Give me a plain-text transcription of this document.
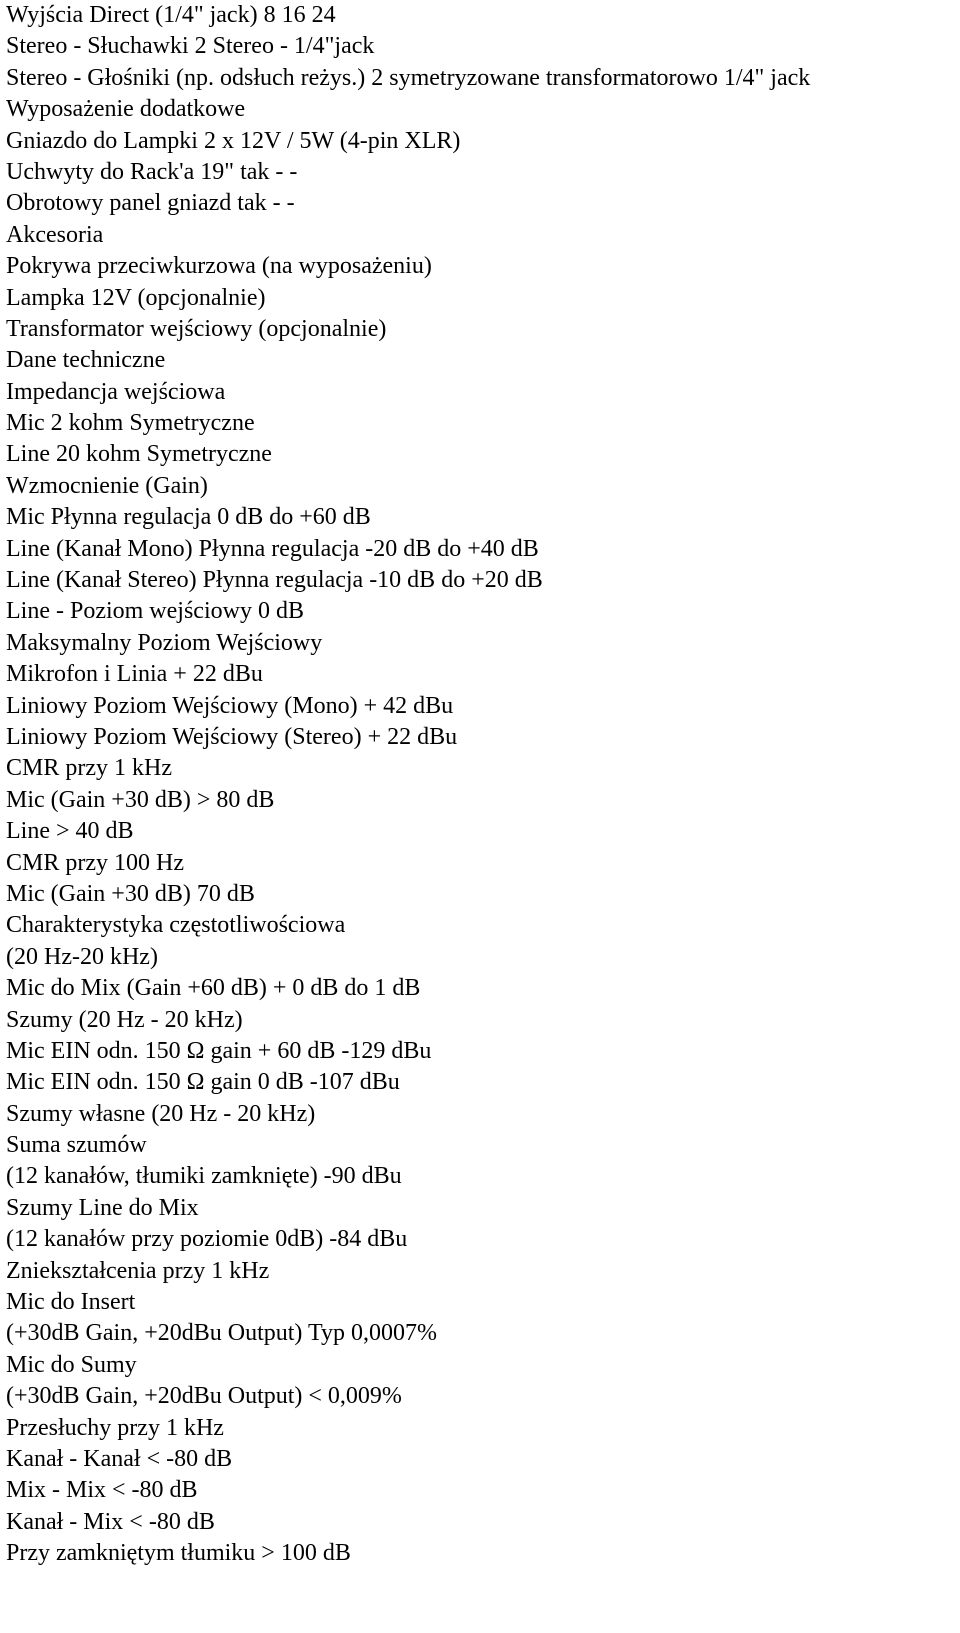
Wyjścia Direct (1/4" jack) 8 16 24
Stereo - Słuchawki 2 Stereo - 1/4"jack
Stereo - Głośniki (np. odsłuch reżys.) 2 symetryzowane transformatorowo 1/4" jack
Wyposażenie dodatkowe
Gniazdo do Lampki 2 x 12V / 5W (4-pin XLR)
Uchwyty do Rack'a 19" tak - -
Obrotowy panel gniazd tak - -
Akcesoria
Pokrywa przeciwkurzowa (na wyposażeniu)
Lampka 12V (opcjonalnie)
Transformator wejściowy (opcjonalnie)
Dane techniczne
Impedancja wejściowa
Mic 2 kohm Symetryczne
Line 20 kohm Symetryczne
Wzmocnienie (Gain)
Mic Płynna regulacja 0 dB do +60 dB
Line (Kanał Mono) Płynna regulacja -20 dB do +40 dB
Line (Kanał Stereo) Płynna regulacja -10 dB do +20 dB
Line - Poziom wejściowy 0 dB
Maksymalny Poziom Wejściowy
Mikrofon i Linia + 22 dBu
Liniowy Poziom Wejściowy (Mono) + 42 dBu
Liniowy Poziom Wejściowy (Stereo) + 22 dBu
CMR przy 1 kHz
Mic (Gain +30 dB) > 80 dB
Line > 40 dB
CMR przy 100 Hz
Mic (Gain +30 dB) 70 dB
Charakterystyka częstotliwościowa
(20 Hz-20 kHz)
Mic do Mix (Gain +60 dB) + 0 dB do 1 dB
Szumy (20 Hz - 20 kHz)
Mic EIN odn. 150 Ω gain + 60 dB -129 dBu
Mic EIN odn. 150 Ω gain 0 dB -107 dBu
Szumy własne (20 Hz - 20 kHz)
Suma szumów
(12 kanałów, tłumiki zamknięte) -90 dBu
Szumy Line do Mix
(12 kanałów przy poziomie 0dB) -84 dBu
Zniekształcenia przy 1 kHz
Mic do Insert
(+30dB Gain, +20dBu Output) Typ 0,0007%
Mic do Sumy
(+30dB Gain, +20dBu Output) < 0,009%
Przesłuchy przy 1 kHz
Kanał - Kanał < -80 dB
Mix - Mix < -80 dB
Kanał - Mix < -80 dB
Przy zamkniętym tłumiku > 100 dB
